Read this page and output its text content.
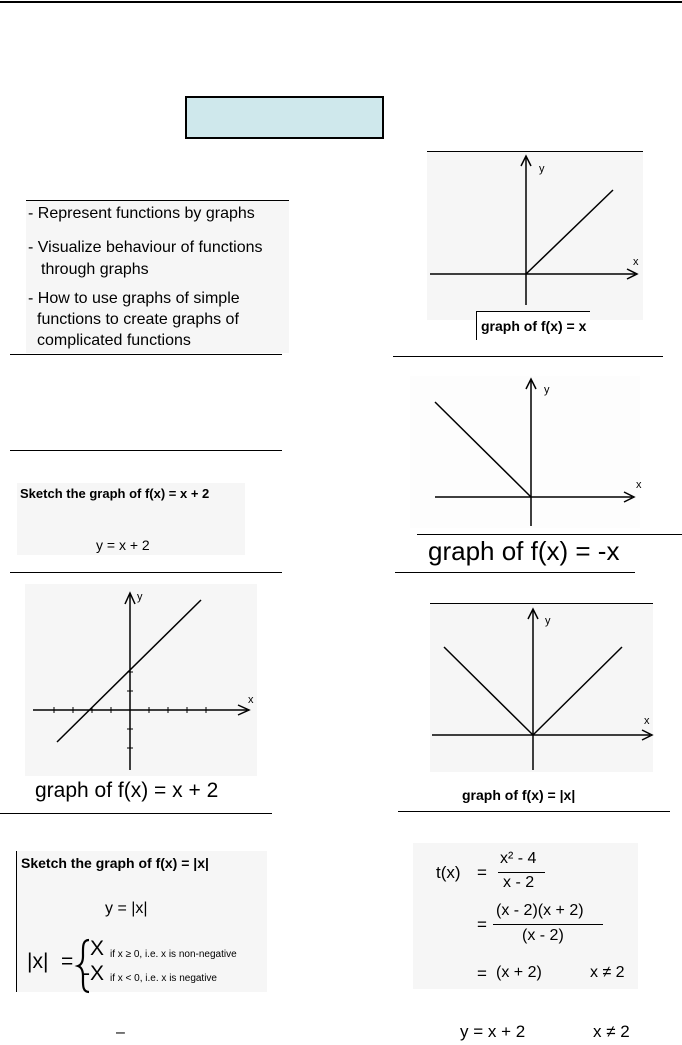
- Represent functions by graphs
- Visualize behaviour of functions
through graphs
- How to use graphs of simple
functions to create graphs of
complicated functions
y
x
graph of f(x) = x
y
x
graph of f(x) = -x
Sketch the graph of f(x) = x + 2
y = x + 2
y
x
graph of f(x) = x + 2
y
x
graph of f(x) = |x|
Sketch the graph of f(x) = |x|
y = |x|
|x| =
X if x ≥ 0, i.e. x is non-negative
-X if x < 0, i.e. x is negative
–
t(x) =
x² - 4
x - 2
=
(x - 2)(x + 2)
(x - 2)
= (x + 2)	x ≠ 2
y = x + 2	x ≠ 2
